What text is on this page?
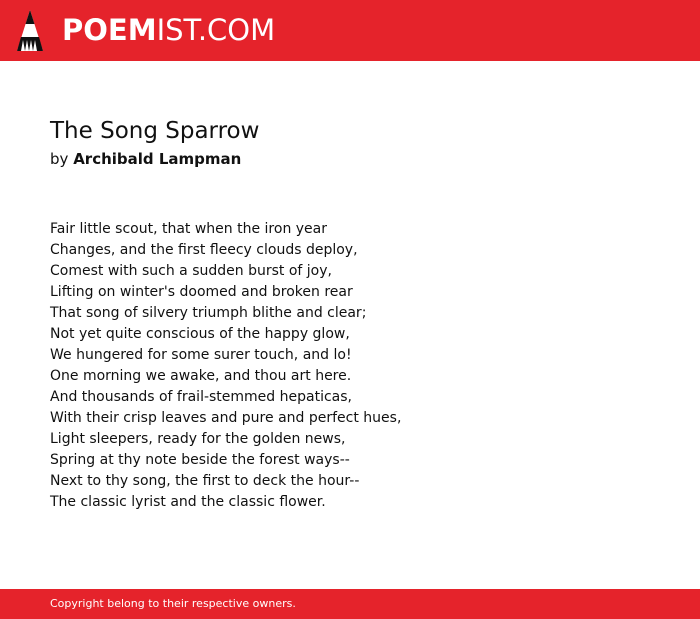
POEMIST.COM
The Song Sparrow
by Archibald Lampman
Fair little scout, that when the iron year
Changes, and the first fleecy clouds deploy,
Comest with such a sudden burst of joy,
Lifting on winter's doomed and broken rear
That song of silvery triumph blithe and clear;
Not yet quite conscious of the happy glow,
We hungered for some surer touch, and lo!
One morning we awake, and thou art here.
And thousands of frail-stemmed hepaticas,
With their crisp leaves and pure and perfect hues,
Light sleepers, ready for the golden news,
Spring at thy note beside the forest ways--
Next to thy song, the first to deck the hour--
The classic lyrist and the classic flower.
Copyright belong to their respective owners.
